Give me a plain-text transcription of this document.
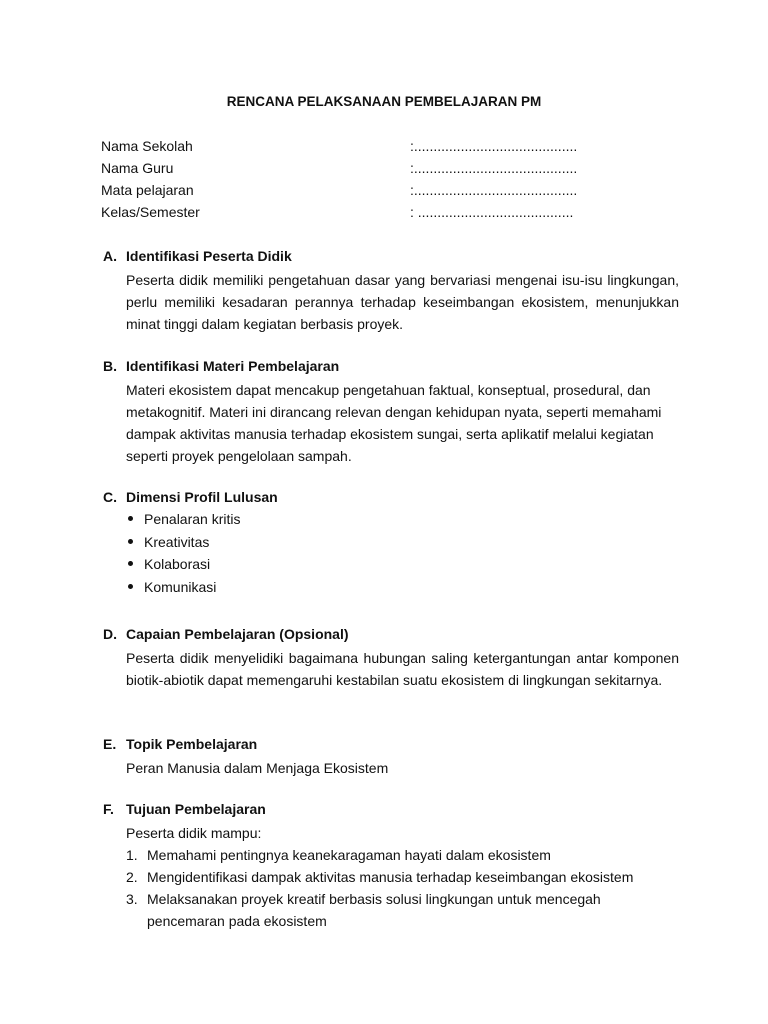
RENCANA PELAKSANAAN PEMBELAJARAN PM
Nama Sekolah	:..........................................
Nama Guru	:..........................................
Mata pelajaran	:..........................................
Kelas/Semester	: ........................................
A. Identifikasi Peserta Didik
Peserta didik memiliki pengetahuan dasar yang bervariasi mengenai isu-isu lingkungan, perlu memiliki kesadaran perannya terhadap keseimbangan ekosistem, menunjukkan minat tinggi dalam kegiatan berbasis proyek.
B. Identifikasi Materi Pembelajaran
Materi ekosistem dapat mencakup pengetahuan faktual, konseptual, prosedural, dan metakognitif. Materi ini dirancang relevan dengan kehidupan nyata, seperti memahami dampak aktivitas manusia terhadap ekosistem sungai, serta aplikatif melalui kegiatan seperti proyek pengelolaan sampah.
C. Dimensi Profil Lulusan
Penalaran kritis
Kreativitas
Kolaborasi
Komunikasi
D. Capaian Pembelajaran (Opsional)
Peserta didik menyelidiki bagaimana hubungan saling ketergantungan antar komponen biotik-abiotik dapat memengaruhi kestabilan suatu ekosistem di lingkungan sekitarnya.
E. Topik Pembelajaran
Peran Manusia dalam Menjaga Ekosistem
F. Tujuan Pembelajaran
Peserta didik mampu:
1. Memahami pentingnya keanekaragaman hayati dalam ekosistem
2. Mengidentifikasi dampak aktivitas manusia terhadap keseimbangan ekosistem
3. Melaksanakan proyek kreatif berbasis solusi lingkungan untuk mencegah pencemaran pada ekosistem
